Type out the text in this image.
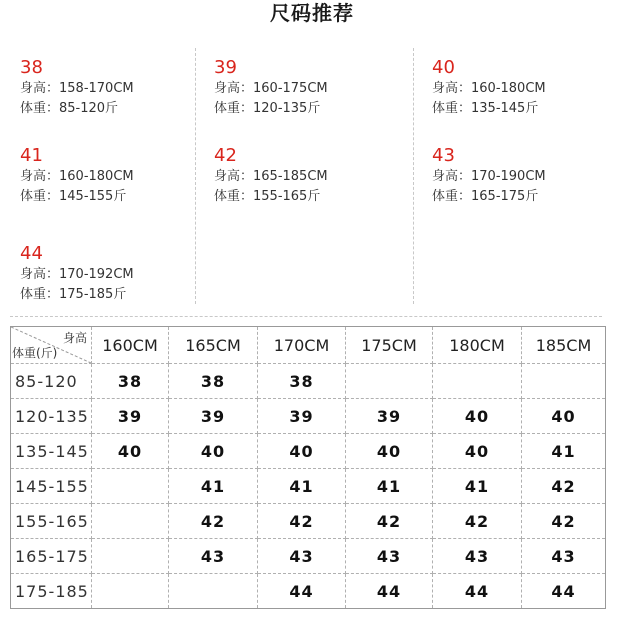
尺码推荐
38
身高：158-170CM
体重：85-120斤
39
身高：160-175CM
体重：120-135斤
40
身高：160-180CM
体重：135-145斤
41
身高：160-180CM
体重：145-155斤
42
身高：165-185CM
体重：155-165斤
43
身高：170-190CM
体重：165-175斤
44
身高：170-192CM
体重：175-185斤
身高
体重(斤)	160CM	165CM	170CM	175CM	180CM	185CM
85-120	38	38	38			
120-135	39	39	39	39	40	40
135-145	40	40	40	40	40	41
145-155		41	41	41	41	42
155-165		42	42	42	42	42
165-175		43	43	43	43	43
175-185			44	44	44	44
